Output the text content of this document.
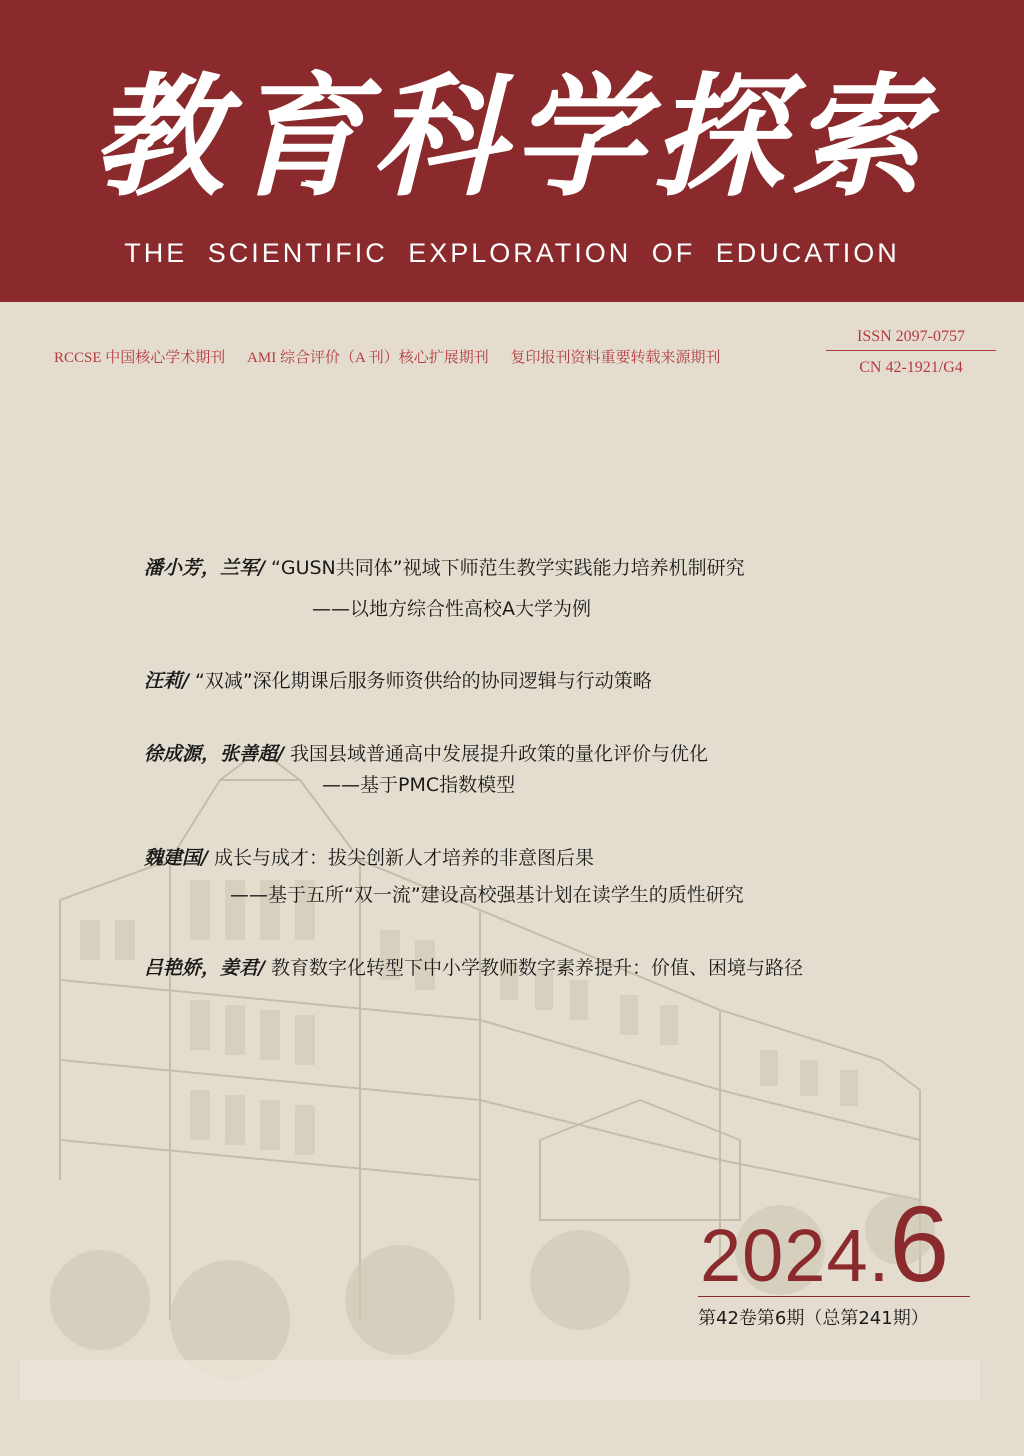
教育科学探索
THE SCIENTIFIC EXPLORATION OF EDUCATION
RCCSE 中国核心学术期刊 AMI 综合评价（A 刊）核心扩展期刊 复印报刊资料重要转载来源期刊
ISSN 2097-0757
CN 42-1921/G4
潘小芳，兰军/ “GUSN共同体”视域下师范生教学实践能力培养机制研究
——以地方综合性高校A大学为例
汪莉/ “双减”深化期课后服务师资供给的协同逻辑与行动策略
徐成源，张善超/ 我国县域普通高中发展提升政策的量化评价与优化
——基于PMC指数模型
魏建国/ 成长与成才：拔尖创新人才培养的非意图后果
——基于五所“双一流”建设高校强基计划在读学生的质性研究
吕艳娇，姜君/ 教育数字化转型下中小学教师数字素养提升：价值、困境与路径
2024.6
第42卷第6期（总第241期）
